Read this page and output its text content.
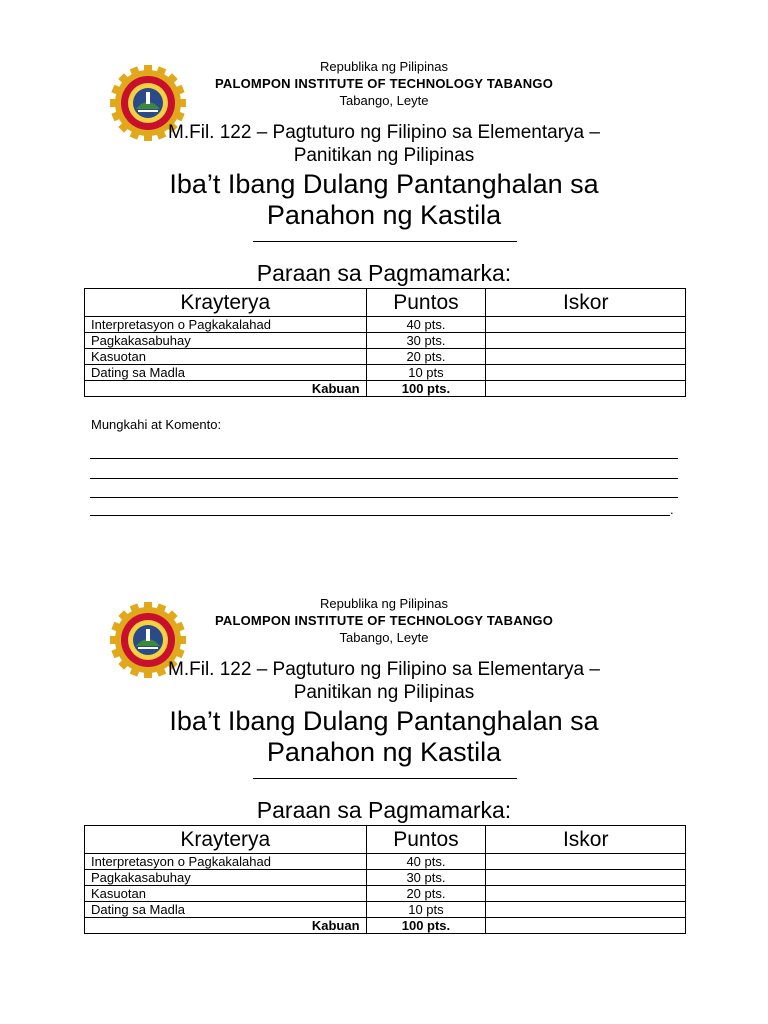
Republika ng Pilipinas
PALOMPON INSTITUTE OF TECHNOLOGY TABANGO
Tabango, Leyte
M.Fil. 122 – Pagtuturo ng Filipino sa Elementarya –
Panitikan ng Pilipinas
Iba’t Ibang Dulang Pantanghalan sa
Panahon ng Kastila
Paraan sa Pagmamarka:
Krayterya	Puntos	Iskor
Interpretasyon o Pagkakalahad	40 pts.	
Pagkakasabuhay	30 pts.	
Kasuotan	20 pts.	
Dating sa Madla	10 pts	
Kabuan	100 pts.	
Mungkahi at Komento:
.
Republika ng Pilipinas
PALOMPON INSTITUTE OF TECHNOLOGY TABANGO
Tabango, Leyte
M.Fil. 122 – Pagtuturo ng Filipino sa Elementarya –
Panitikan ng Pilipinas
Iba’t Ibang Dulang Pantanghalan sa
Panahon ng Kastila
Paraan sa Pagmamarka:
Krayterya	Puntos	Iskor
Interpretasyon o Pagkakalahad	40 pts.	
Pagkakasabuhay	30 pts.	
Kasuotan	20 pts.	
Dating sa Madla	10 pts	
Kabuan	100 pts.	
